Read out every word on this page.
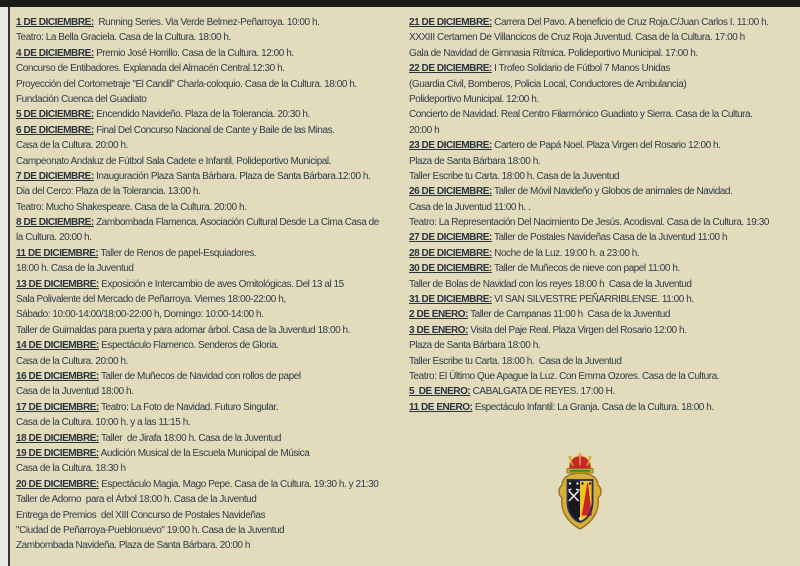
1 DE DICIEMBRE:  Running Series. Via Verde Belmez-Peñarroya. 10:00 h.
Teatro: La Bella Graciela. Casa de la Cultura. 18:00 h.
4 DE DICIEMBRE: Premio José Horrillo. Casa de la Cultura. 12:00 h.
Concurso de Entibadores. Explanada del Almacén Central.12:30 h.
Proyección del Cortometraje "El Candil" Charla-coloquio. Casa de la Cultura. 18:00 h.
Fundación Cuenca del Guadiato
5 DE DICIEMBRE: Encendido Navideño. Plaza de la Tolerancia. 20:30 h.
6 DE DICIEMBRE: Final Del Concurso Nacional de Cante y Baile de las Minas.
Casa de la Cultura. 20:00 h.
Campeonato Andaluz de Fútbol Sala Cadete e Infantil. Polideportivo Municipal.
7 DE DICIEMBRE: Inauguración Plaza Santa Bárbara. Plaza de Santa Bárbara.12:00 h.
Dia del Cerco: Plaza de la Tolerancia. 13:00 h.
Teatro: Mucho Shakespeare. Casa de la Cultura. 20:00 h.
8 DE DICIEMBRE: Zambombada Flamenca. Asociación Cultural Desde La Cima Casa de
la Cultura. 20:00 h.
11 DE DICIEMBRE: Taller de Renos de papel-Esquiadores.
18:00 h. Casa de la Juventud
13 DE DICIEMBRE: Exposición e Intercambio de aves Ornitológicas. Del 13 al 15
Sala Polivalente del Mercado de Peñarroya. Viernes 18:00-22:00 h,
Sábado: 10:00-14:00/18:00-22:00 h, Domingo: 10:00-14:00 h.
Taller de Guirnaldas para puerta y para adornar árbol. Casa de la Juventud 18:00 h.
14 DE DICIEMBRE: Espectáculo Flamenco. Senderos de Gloria.
Casa de la Cultura. 20:00 h.
16 DE DICIEMBRE: Taller de Muñecos de Navidad con rollos de papel
Casa de la Juventud 18:00 h.
17 DE DICIEMBRE: Teatro: La Foto de Navidad. Futuro Singular.
Casa de la Cultura. 10:00 h. y a las 11:15 h.
18 DE DICIEMBRE: Taller  de Jirafa 18:00 h. Casa de la Juventud
19 DE DICIEMBRE: Audición Musical de la Escuela Municipal de Música
Casa de la Cultura. 18:30 h
20 DE DICIEMBRE: Espectáculo Magia. Mago Pepe. Casa de la Cultura. 19:30 h. y 21:30
Taller de Adorno  para el Árbol 18:00 h. Casa de la Juventud
Entrega de Premios  del XIII Concurso de Postales Navideñas
"Ciudad de Peñarroya-Pueblonuevo" 19:00 h. Casa de la Juventud
Zambombada Navideña. Plaza de Santa Bárbara. 20:00 h
21 DE DICIEMBRE: Carrera Del Pavo. A beneficio de Cruz Roja.C/Juan Carlos I. 11:00 h.
XXXIII Certamen De Villancicos de Cruz Roja Juventud. Casa de la Cultura. 17:00 h
Gala de Navidad de Gimnasia Rítmica. Polideportivo Municipal. 17:00 h.
22 DE DICIEMBRE: I Trofeo Solidario de Fútbol 7 Manos Unidas
(Guardia Civil, Bomberos, Policia Local, Conductores de Ambulancia)
Polideportivo Municipal. 12:00 h.
Concierto de Navidad. Real Centro Filarmónico Guadiato y Sierra. Casa de la Cultura.
20:00 h
23 DE DICIEMBRE: Cartero de Papá Noel. Plaza Virgen del Rosario 12:00 h.
Plaza de Santa Bárbara 18:00 h.
Taller Escribe tu Carta. 18:00 h. Casa de la Juventud
26 DE DICIEMBRE: Taller de Móvil Navideño y Globos de animales de Navidad.
Casa de la Juventud 11:00 h. .
Teatro: La Representación Del Nacimiento De Jesús. Acodisval. Casa de la Cultura. 19:30
27 DE DICIEMBRE: Taller de Postales Navideñas Casa de la Juventud 11:00 h
28 DE DICIEMBRE: Noche de la Luz. 19:00 h. a 23:00 h.
30 DE DICIEMBRE: Taller de Muñecos de nieve con papel 11:00 h.
Taller de Bolas de Navidad con los reyes 18:00 h  Casa de la Juventud
31 DE DICIEMBRE: VI SAN SILVESTRE PEÑARRIBLENSE. 11:00 h.
2 DE ENERO: Taller de Campanas 11:00 h  Casa de la Juventud
3 DE ENERO: Visita del Paje Real. Plaza Virgen del Rosario 12:00 h.
Plaza de Santa Bárbara 18:00 h.
Taller Escribe tu Carta. 18:00 h.  Casa de la Juventud
Teatro: El Último Que Apague la Luz. Con Emma Ozores. Casa de la Cultura.
5  DE ENERO: CABALGATA DE REYES. 17:00 H.
11 DE ENERO: Espectáculo Infantil: La Granja. Casa de la Cultura. 18:00 h.
